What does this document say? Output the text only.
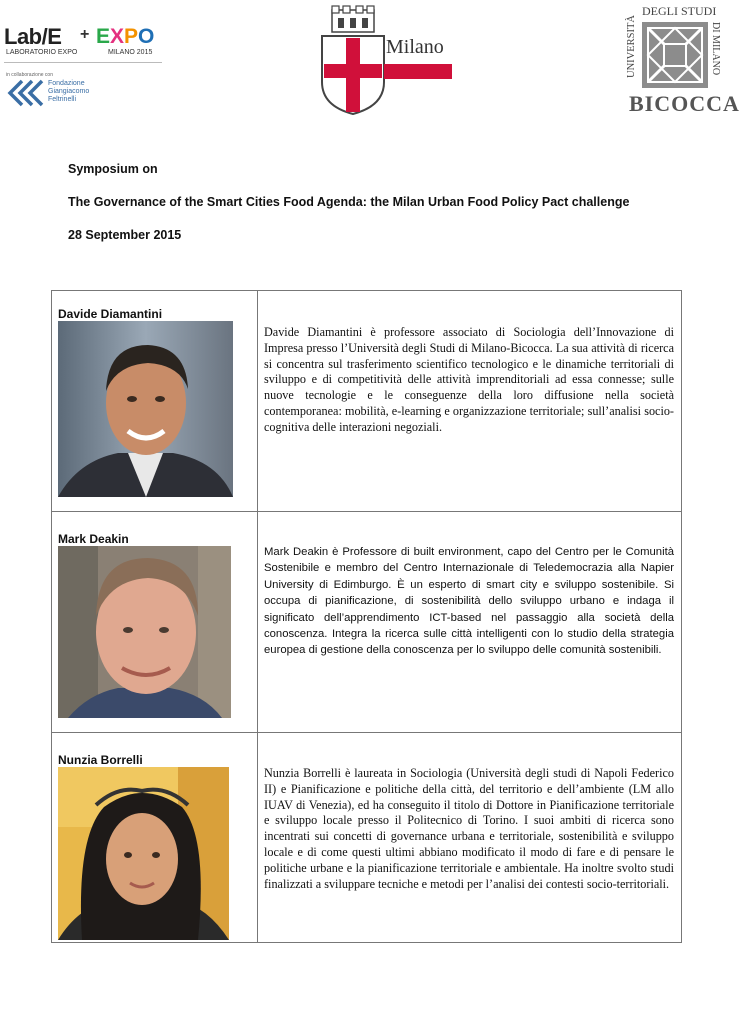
Lab/E
LABORATORIO EXPO
+ EXPO
MILANO 2015
in collaborazione con
Fondazione
Giangiacomo
Feltrinelli
Milano
DEGLI STUDI
UNIVERSITÀ	DI MILANO
BICOCCA
Symposium on
The Governance of the Smart Cities Food Agenda: the Milan Urban Food Policy Pact challenge
28 September 2015
Davide Diamantini
Davide Diamantini è professore associato di Sociologia dell’Innovazione di Impresa presso l’Università degli Studi di Milano-Bicocca. La sua attività di ricerca si concentra sul trasferimento scientifico tecnologico e le dinamiche territoriali di sviluppo e di competitività delle attività imprenditoriali ad essa connesse; sulle nuove tecnologie e le conseguenze della loro diffusione nella società contemporanea: mobilità, e-learning e organizzazione territoriale; sull’analisi socio-cognitiva delle interazioni negoziali.
Mark Deakin
Mark Deakin è Professore di built environment, capo del Centro per le Comunità Sostenibile e membro del Centro Internazionale di Teledemocrazia alla Napier University di Edimburgo. È un esperto di smart city e sviluppo sostenibile. Si occupa di pianificazione, di sostenibilità dello sviluppo urbano e indaga il significato dell’apprendimento ICT-based nel passaggio alla società della conoscenza. Integra la ricerca sulle città intelligenti con lo studio della strategia europea di gestione della conoscenza per lo sviluppo delle comunità sostenibili.
Nunzia Borrelli
Nunzia Borrelli è laureata in Sociologia (Università degli studi di Napoli Federico II) e Pianificazione e politiche della città, del territorio e dell’ambiente (LM allo IUAV di Venezia), ed ha conseguito il titolo di Dottore in Pianificazione territoriale e sviluppo locale presso il Politecnico di Torino. I suoi ambiti di ricerca sono incentrati sui concetti di governance urbana e territoriale, sostenibilità e sviluppo locale e di come questi ultimi abbiano modificato il modo di fare e di pensare le politiche urbane e la pianificazione territoriale e ambientale. Ha inoltre svolto studi finalizzati a sviluppare tecniche e metodi per l’analisi dei contesti socio-territoriali.
